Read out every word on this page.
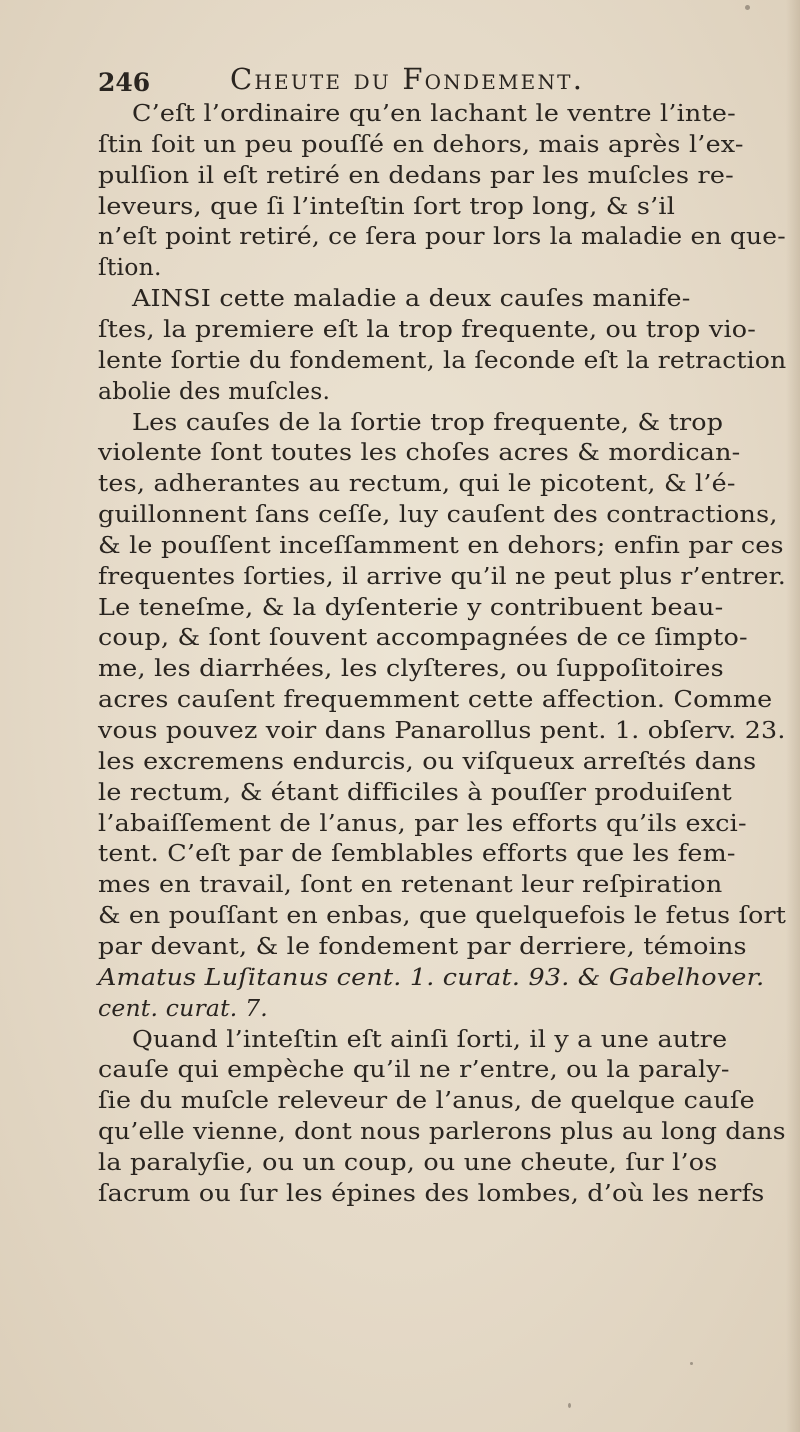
246	Cheute du Fondement.
C’eſt l’ordinaire qu’en lachant le ventre l’inte-
ſtin ſoit un peu pouſſé en dehors, mais après l’ex-
pulſion il eſt retiré en dedans par les muſcles re-
leveurs, que ſi l’inteſtin ſort trop long, & s’il
n’eſt point retiré, ce ſera pour lors la maladie en que-
ſtion.
AINSI cette maladie a deux cauſes manife-
ſtes, la premiere eſt la trop frequente, ou trop vio-
lente ſortie du fondement, la ſeconde eſt la retraction
abolie des muſcles.
Les cauſes de la ſortie trop frequente, & trop
violente ſont toutes les choſes acres & mordican-
tes, adherantes au rectum, qui le picotent, & l’é-
guillonnent ſans ceſſe, luy cauſent des contractions,
& le pouſſent inceſſamment en dehors; enfin par ces
frequentes ſorties, il arrive qu’il ne peut plus r’entrer.
Le teneſme, & la dyſenterie y contribuent beau-
coup, & ſont ſouvent accompagnées de ce ſimpto-
me, les diarrhées, les clyſteres, ou ſuppoſitoires
acres cauſent frequemment cette affection. Comme
vous pouvez voir dans Panarollus pent. 1. obſerv. 23.
les excremens endurcis, ou viſqueux arreſtés dans
le rectum, & étant difficiles à pouſſer produiſent
l’abaiſſement de l’anus, par les efforts qu’ils exci-
tent. C’eſt par de ſemblables efforts que les fem-
mes en travail, ſont en retenant leur reſpiration
& en pouſſant en enbas, que quelquefois le fetus ſort
par devant, & le fondement par derriere, témoins
Amatus Luſitanus cent. 1. curat. 93. & Gabelhover.
cent. curat. 7.
Quand l’inteſtin eſt ainſi ſorti, il y a une autre
cauſe qui empèche qu’il ne r’entre, ou la paraly-
ſie du muſcle releveur de l’anus, de quelque cauſe
qu’elle vienne, dont nous parlerons plus au long dans
la paralyſie, ou un coup, ou une cheute, ſur l’os
ſacrum ou ſur les épines des lombes, d’où les nerfs
